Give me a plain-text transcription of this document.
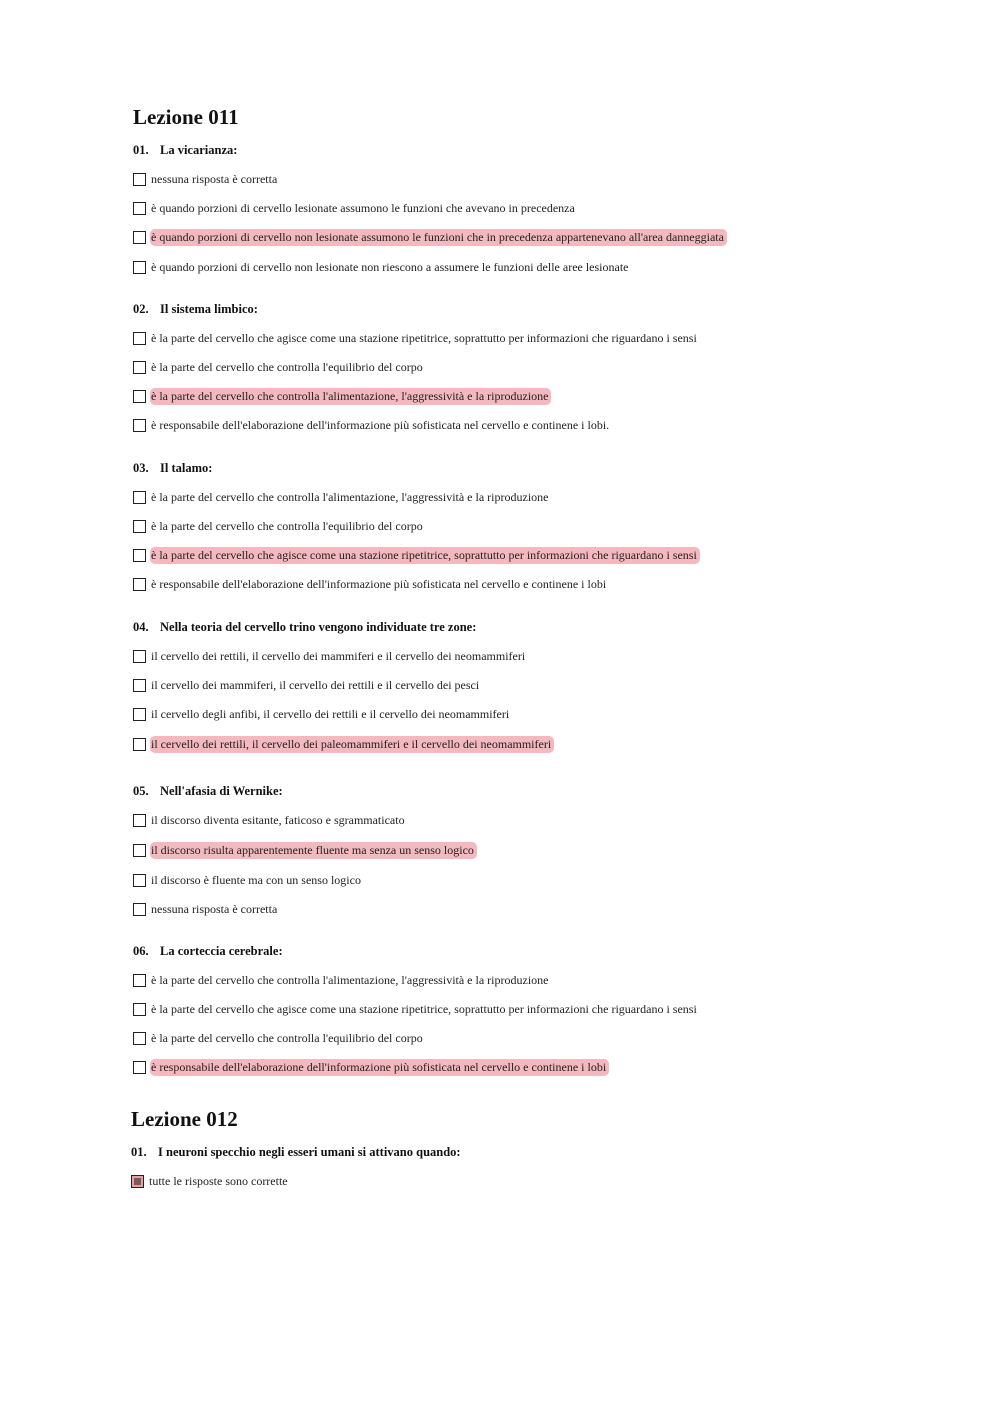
Lezione 011
01. La vicarianza:
nessuna risposta è corretta
è quando porzioni di cervello lesionate assumono le funzioni che avevano in precedenza
è quando porzioni di cervello non lesionate assumono le funzioni che in precedenza appartenevano all'area danneggiata
è quando porzioni di cervello non lesionate non riescono a assumere le funzioni delle aree lesionate
02. Il sistema limbico:
è la parte del cervello che agisce come una stazione ripetitrice, soprattutto per informazioni che riguardano i sensi
è la parte del cervello che controlla l'equilibrio del corpo
è la parte del cervello che controlla l'alimentazione, l'aggressività e la riproduzione
è responsabile dell'elaborazione dell'informazione più sofisticata nel cervello e continene i lobi.
03. Il talamo:
è la parte del cervello che controlla l'alimentazione, l'aggressività e la riproduzione
è la parte del cervello che controlla l'equilibrio del corpo
è la parte del cervello che agisce come una stazione ripetitrice, soprattutto per informazioni che riguardano i sensi
è responsabile dell'elaborazione dell'informazione più sofisticata nel cervello e continene i lobi
04. Nella teoria del cervello trino vengono individuate tre zone:
il cervello dei rettili, il cervello dei mammiferi e il cervello dei neomammiferi
il cervello dei mammiferi, il cervello dei rettili e il cervello dei pesci
il cervello degli anfibi, il cervello dei rettili e il cervello dei neomammiferi
il cervello dei rettili, il cervello dei paleomammiferi e il cervello dei neomammiferi
05. Nell'afasia di Wernike:
il discorso diventa esitante, faticoso e sgrammaticato
il discorso risulta apparentemente fluente ma senza un senso logico
il discorso è fluente ma con un senso logico
nessuna risposta è corretta
06. La corteccia cerebrale:
è la parte del cervello che controlla l'alimentazione, l'aggressività e la riproduzione
è la parte del cervello che agisce come una stazione ripetitrice, soprattutto per informazioni che riguardano i sensi
è la parte del cervello che controlla l'equilibrio del corpo
è responsabile dell'elaborazione dell'informazione più sofisticata nel cervello e continene i lobi
Lezione 012
01. I neuroni specchio negli esseri umani si attivano quando:
tutte le risposte sono corrette
